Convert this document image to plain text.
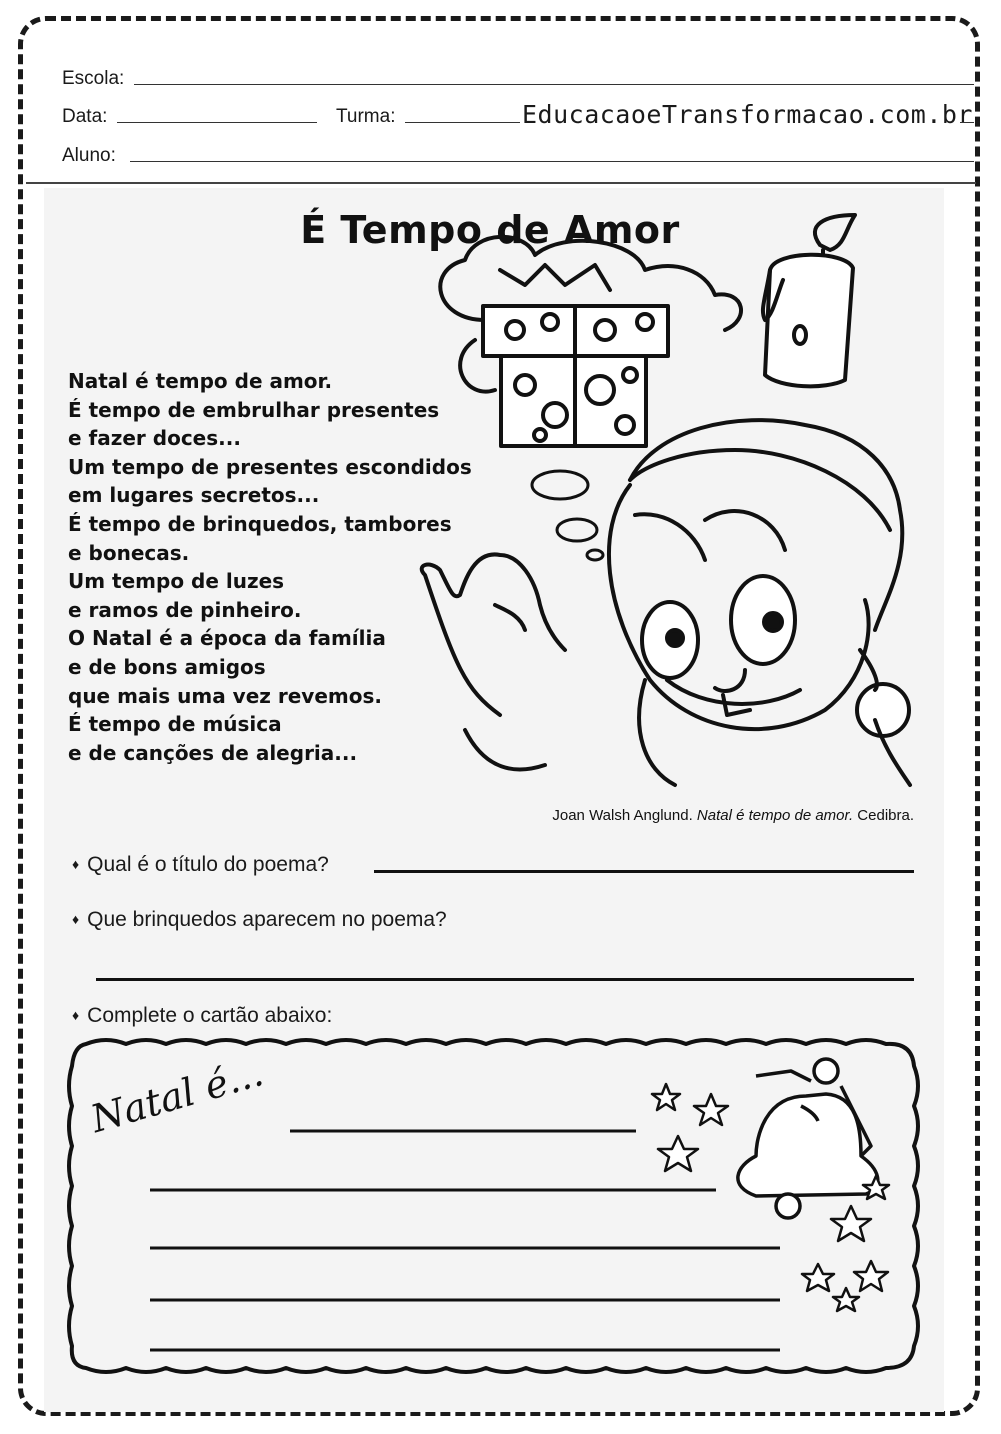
Escola:
Data:	Turma:	EducacaoeTransformacao.com.br
Aluno:
É Tempo de Amor
Natal é tempo de amor.
É tempo de embrulhar presentes
e fazer doces...
Um tempo de presentes escondidos
em lugares secretos...
É tempo de brinquedos, tambores
e bonecas.
Um tempo de luzes
e ramos de pinheiro.
O Natal é a época da família
e de bons amigos
que mais uma vez revemos.
É tempo de música
e de canções de alegria...
Joan Walsh Anglund. Natal é tempo de amor. Cedibra.
♦ Qual é o título do poema?
♦ Que brinquedos aparecem no poema?
♦ Complete o cartão abaixo:
Natal é...
